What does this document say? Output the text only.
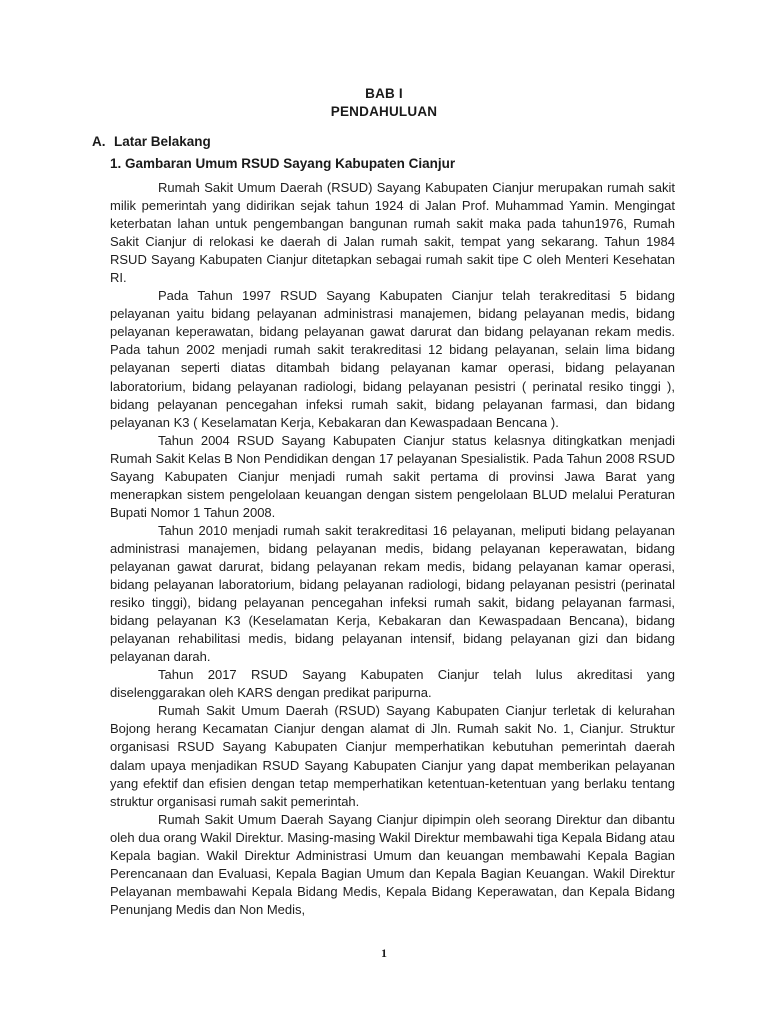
BAB I
PENDAHULUAN
A. Latar Belakang
1. Gambaran Umum RSUD Sayang Kabupaten Cianjur

Rumah Sakit Umum Daerah (RSUD) Sayang Kabupaten Cianjur merupakan rumah sakit milik pemerintah yang didirikan sejak tahun 1924 di Jalan Prof. Muhammad Yamin. Mengingat keterbatan lahan untuk pengembangan bangunan rumah sakit maka pada tahun1976, Rumah Sakit Cianjur di relokasi ke daerah di Jalan rumah sakit, tempat yang sekarang. Tahun 1984 RSUD Sayang Kabupaten Cianjur ditetapkan sebagai rumah sakit tipe C oleh Menteri Kesehatan RI.

Pada Tahun 1997 RSUD Sayang Kabupaten Cianjur telah terakreditasi 5 bidang pelayanan yaitu bidang pelayanan administrasi manajemen, bidang pelayanan medis, bidang pelayanan keperawatan, bidang pelayanan gawat darurat dan bidang pelayanan rekam medis. Pada tahun 2002 menjadi rumah sakit terakreditasi 12 bidang pelayanan, selain lima bidang pelayanan seperti diatas ditambah bidang pelayanan kamar operasi, bidang pelayanan laboratorium, bidang pelayanan radiologi, bidang pelayanan pesistri ( perinatal resiko tinggi ), bidang pelayanan pencegahan infeksi rumah sakit, bidang pelayanan farmasi, dan bidang pelayanan K3 ( Keselamatan Kerja, Kebakaran dan Kewaspadaan Bencana ).

Tahun 2004 RSUD Sayang Kabupaten Cianjur status kelasnya ditingkatkan menjadi Rumah Sakit Kelas B Non Pendidikan dengan 17 pelayanan Spesialistik. Pada Tahun 2008 RSUD Sayang Kabupaten Cianjur menjadi rumah sakit pertama di provinsi Jawa Barat yang menerapkan sistem pengelolaan keuangan dengan sistem pengelolaan BLUD melalui Peraturan Bupati Nomor 1 Tahun 2008.

Tahun 2010 menjadi rumah sakit terakreditasi 16 pelayanan, meliputi bidang pelayanan administrasi manajemen, bidang pelayanan medis, bidang pelayanan keperawatan, bidang pelayanan gawat darurat, bidang pelayanan rekam medis, bidang pelayanan kamar operasi, bidang pelayanan laboratorium, bidang pelayanan radiologi, bidang pelayanan pesistri (perinatal resiko tinggi), bidang pelayanan pencegahan infeksi rumah sakit, bidang pelayanan farmasi, bidang pelayanan K3 (Keselamatan Kerja, Kebakaran dan Kewaspadaan Bencana), bidang pelayanan rehabilitasi medis, bidang pelayanan intensif, bidang pelayanan gizi dan bidang pelayanan darah.

Tahun 2017 RSUD Sayang Kabupaten Cianjur telah lulus akreditasi yang diselenggarakan oleh KARS dengan predikat paripurna.

Rumah Sakit Umum Daerah (RSUD) Sayang Kabupaten Cianjur terletak di kelurahan Bojong herang Kecamatan Cianjur dengan alamat di Jln. Rumah sakit No. 1, Cianjur. Struktur organisasi RSUD Sayang Kabupaten Cianjur memperhatikan kebutuhan pemerintah daerah dalam upaya menjadikan RSUD Sayang Kabupaten Cianjur yang dapat memberikan pelayanan yang efektif dan efisien dengan tetap memperhatikan ketentuan-ketentuan yang berlaku tentang struktur organisasi rumah sakit pemerintah.

Rumah Sakit Umum Daerah Sayang Cianjur dipimpin oleh seorang Direktur dan dibantu oleh dua orang Wakil Direktur. Masing-masing Wakil Direktur membawahi tiga Kepala Bidang atau Kepala bagian. Wakil Direktur Administrasi Umum dan keuangan membawahi Kepala Bagian Perencanaan dan Evaluasi, Kepala Bagian Umum dan Kepala Bagian Keuangan. Wakil Direktur Pelayanan membawahi Kepala Bidang Medis, Kepala Bidang Keperawatan, dan Kepala Bidang Penunjang Medis dan Non Medis,

1
